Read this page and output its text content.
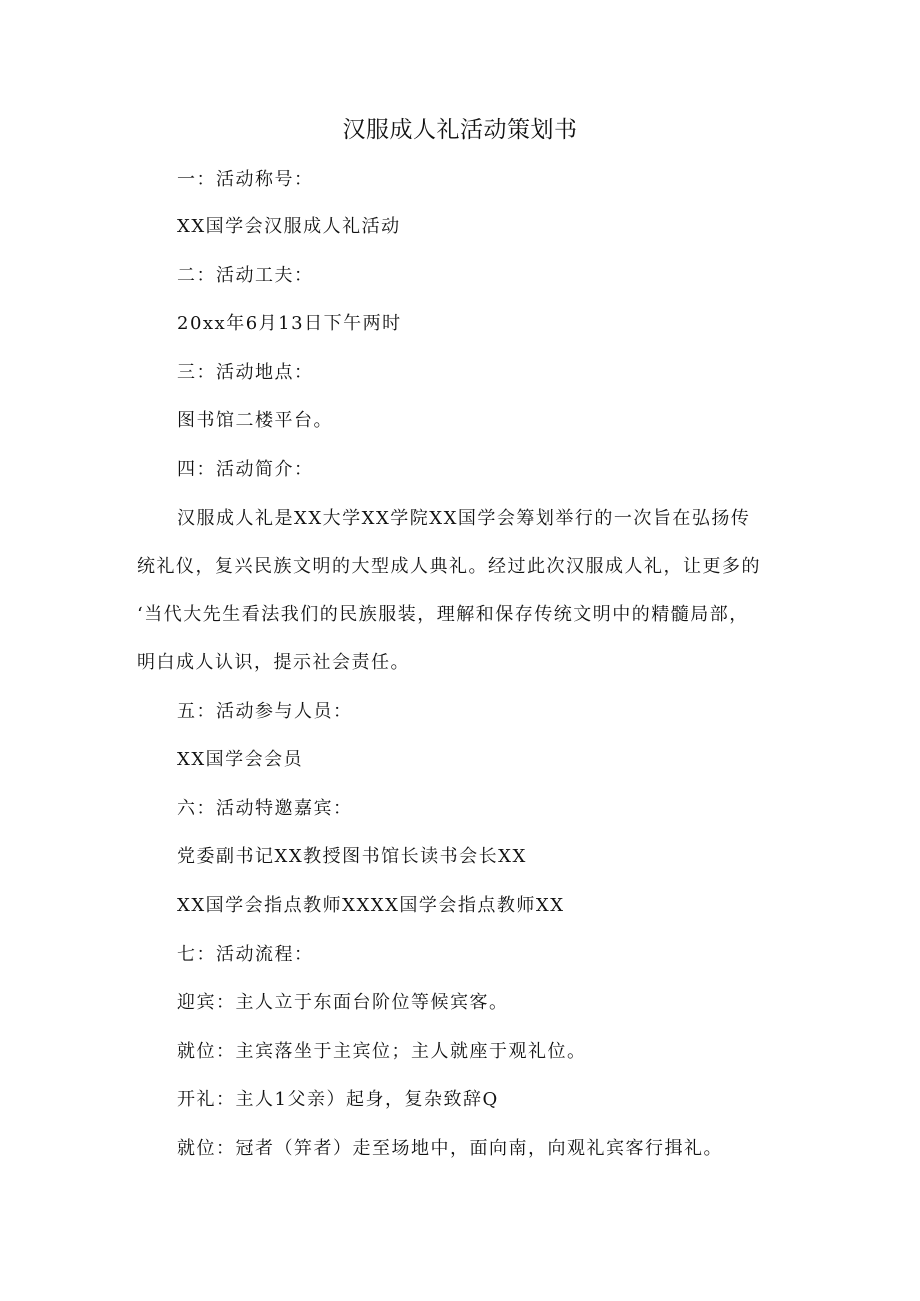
汉服成人礼活动策划书
一：活动称号：
XX国学会汉服成人礼活动
二：活动工夫：
20xx年6月13日下午两时
三：活动地点：
图书馆二楼平台。
四：活动简介：
汉服成人礼是XX大学XX学院XX国学会筹划举行的一次旨在弘扬传
统礼仪，复兴民族文明的大型成人典礼。经过此次汉服成人礼，让更多的
‘当代大先生看法我们的民族服装，理解和保存传统文明中的精髓局部，
明白成人认识，提示社会责任。
五：活动参与人员：
XX国学会会员
六：活动特邀嘉宾：
党委副书记XX教授图书馆长读书会长XX
XX国学会指点教师XXXX国学会指点教师XX
七：活动流程：
迎宾：主人立于东面台阶位等候宾客。
就位：主宾落坐于主宾位；主人就座于观礼位。
开礼：主人1父亲）起身，复杂致辞Q
就位：冠者（笄者）走至场地中，面向南，向观礼宾客行揖礼。
